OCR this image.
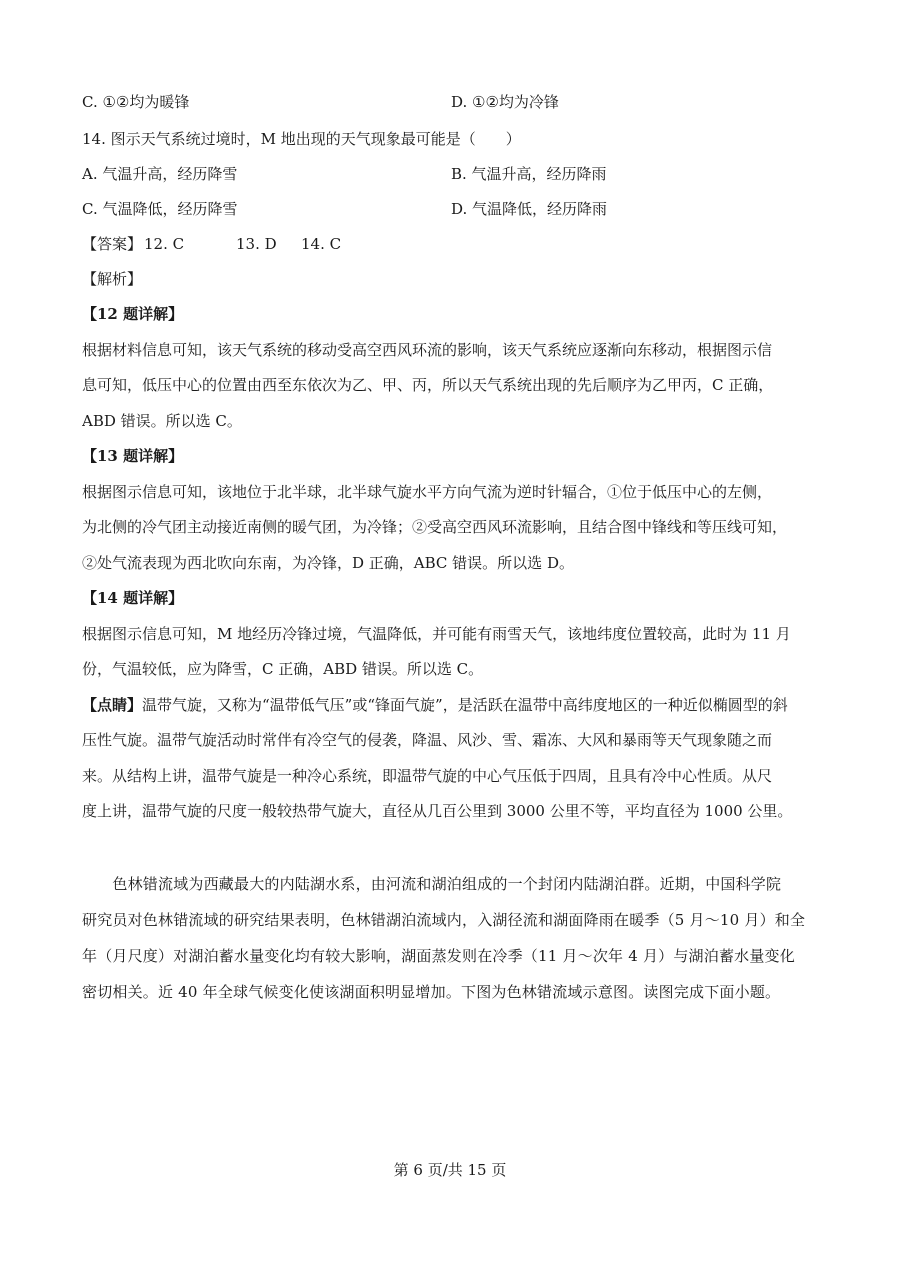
C. ①②均为暖锋	D. ①②均为冷锋
14. 图示天气系统过境时，M 地出现的天气现象最可能是（　　）
A. 气温升高，经历降雪	B. 气温升高，经历降雨
C. 气温降低，经历降雪	D. 气温降低，经历降雨
【答案】 12. C	13. D 14. C
【解析】
【12 题详解】
根据材料信息可知，该天气系统的移动受高空西风环流的影响，该天气系统应逐渐向东移动，根据图示信
息可知，低压中心的位置由西至东依次为乙、甲、丙，所以天气系统出现的先后顺序为乙甲丙，C 正确，
ABD 错误。所以选 C。
【13 题详解】
根据图示信息可知，该地位于北半球，北半球气旋水平方向气流为逆时针辐合，①位于低压中心的左侧，
为北侧的冷气团主动接近南侧的暖气团，为冷锋；②受高空西风环流影响，且结合图中锋线和等压线可知，
②处气流表现为西北吹向东南，为冷锋，D 正确，ABC 错误。所以选 D。
【14 题详解】
根据图示信息可知，M 地经历冷锋过境，气温降低，并可能有雨雪天气，该地纬度位置较高，此时为 11 月
份，气温较低，应为降雪，C 正确，ABD 错误。所以选 C。
【点睛】温带气旋，又称为“温带低气压”或“锋面气旋”，是活跃在温带中高纬度地区的一种近似椭圆型的斜
压性气旋。温带气旋活动时常伴有冷空气的侵袭，降温、风沙、雪、霜冻、大风和暴雨等天气现象随之而
来。从结构上讲，温带气旋是一种冷心系统，即温带气旋的中心气压低于四周，且具有冷中心性质。从尺
度上讲，温带气旋的尺度一般较热带气旋大，直径从几百公里到 3000 公里不等，平均直径为 1000 公里。
　　色林错流域为西藏最大的内陆湖水系，由河流和湖泊组成的一个封闭内陆湖泊群。近期，中国科学院
研究员对色林错流域的研究结果表明，色林错湖泊流域内，入湖径流和湖面降雨在暖季（5 月～10 月）和全
年（月尺度）对湖泊蓄水量变化均有较大影响，湖面蒸发则在冷季（11 月～次年 4 月）与湖泊蓄水量变化
密切相关。近 40 年全球气候变化使该湖面积明显增加。下图为色林错流域示意图。读图完成下面小题。
第 6 页/共 15 页
